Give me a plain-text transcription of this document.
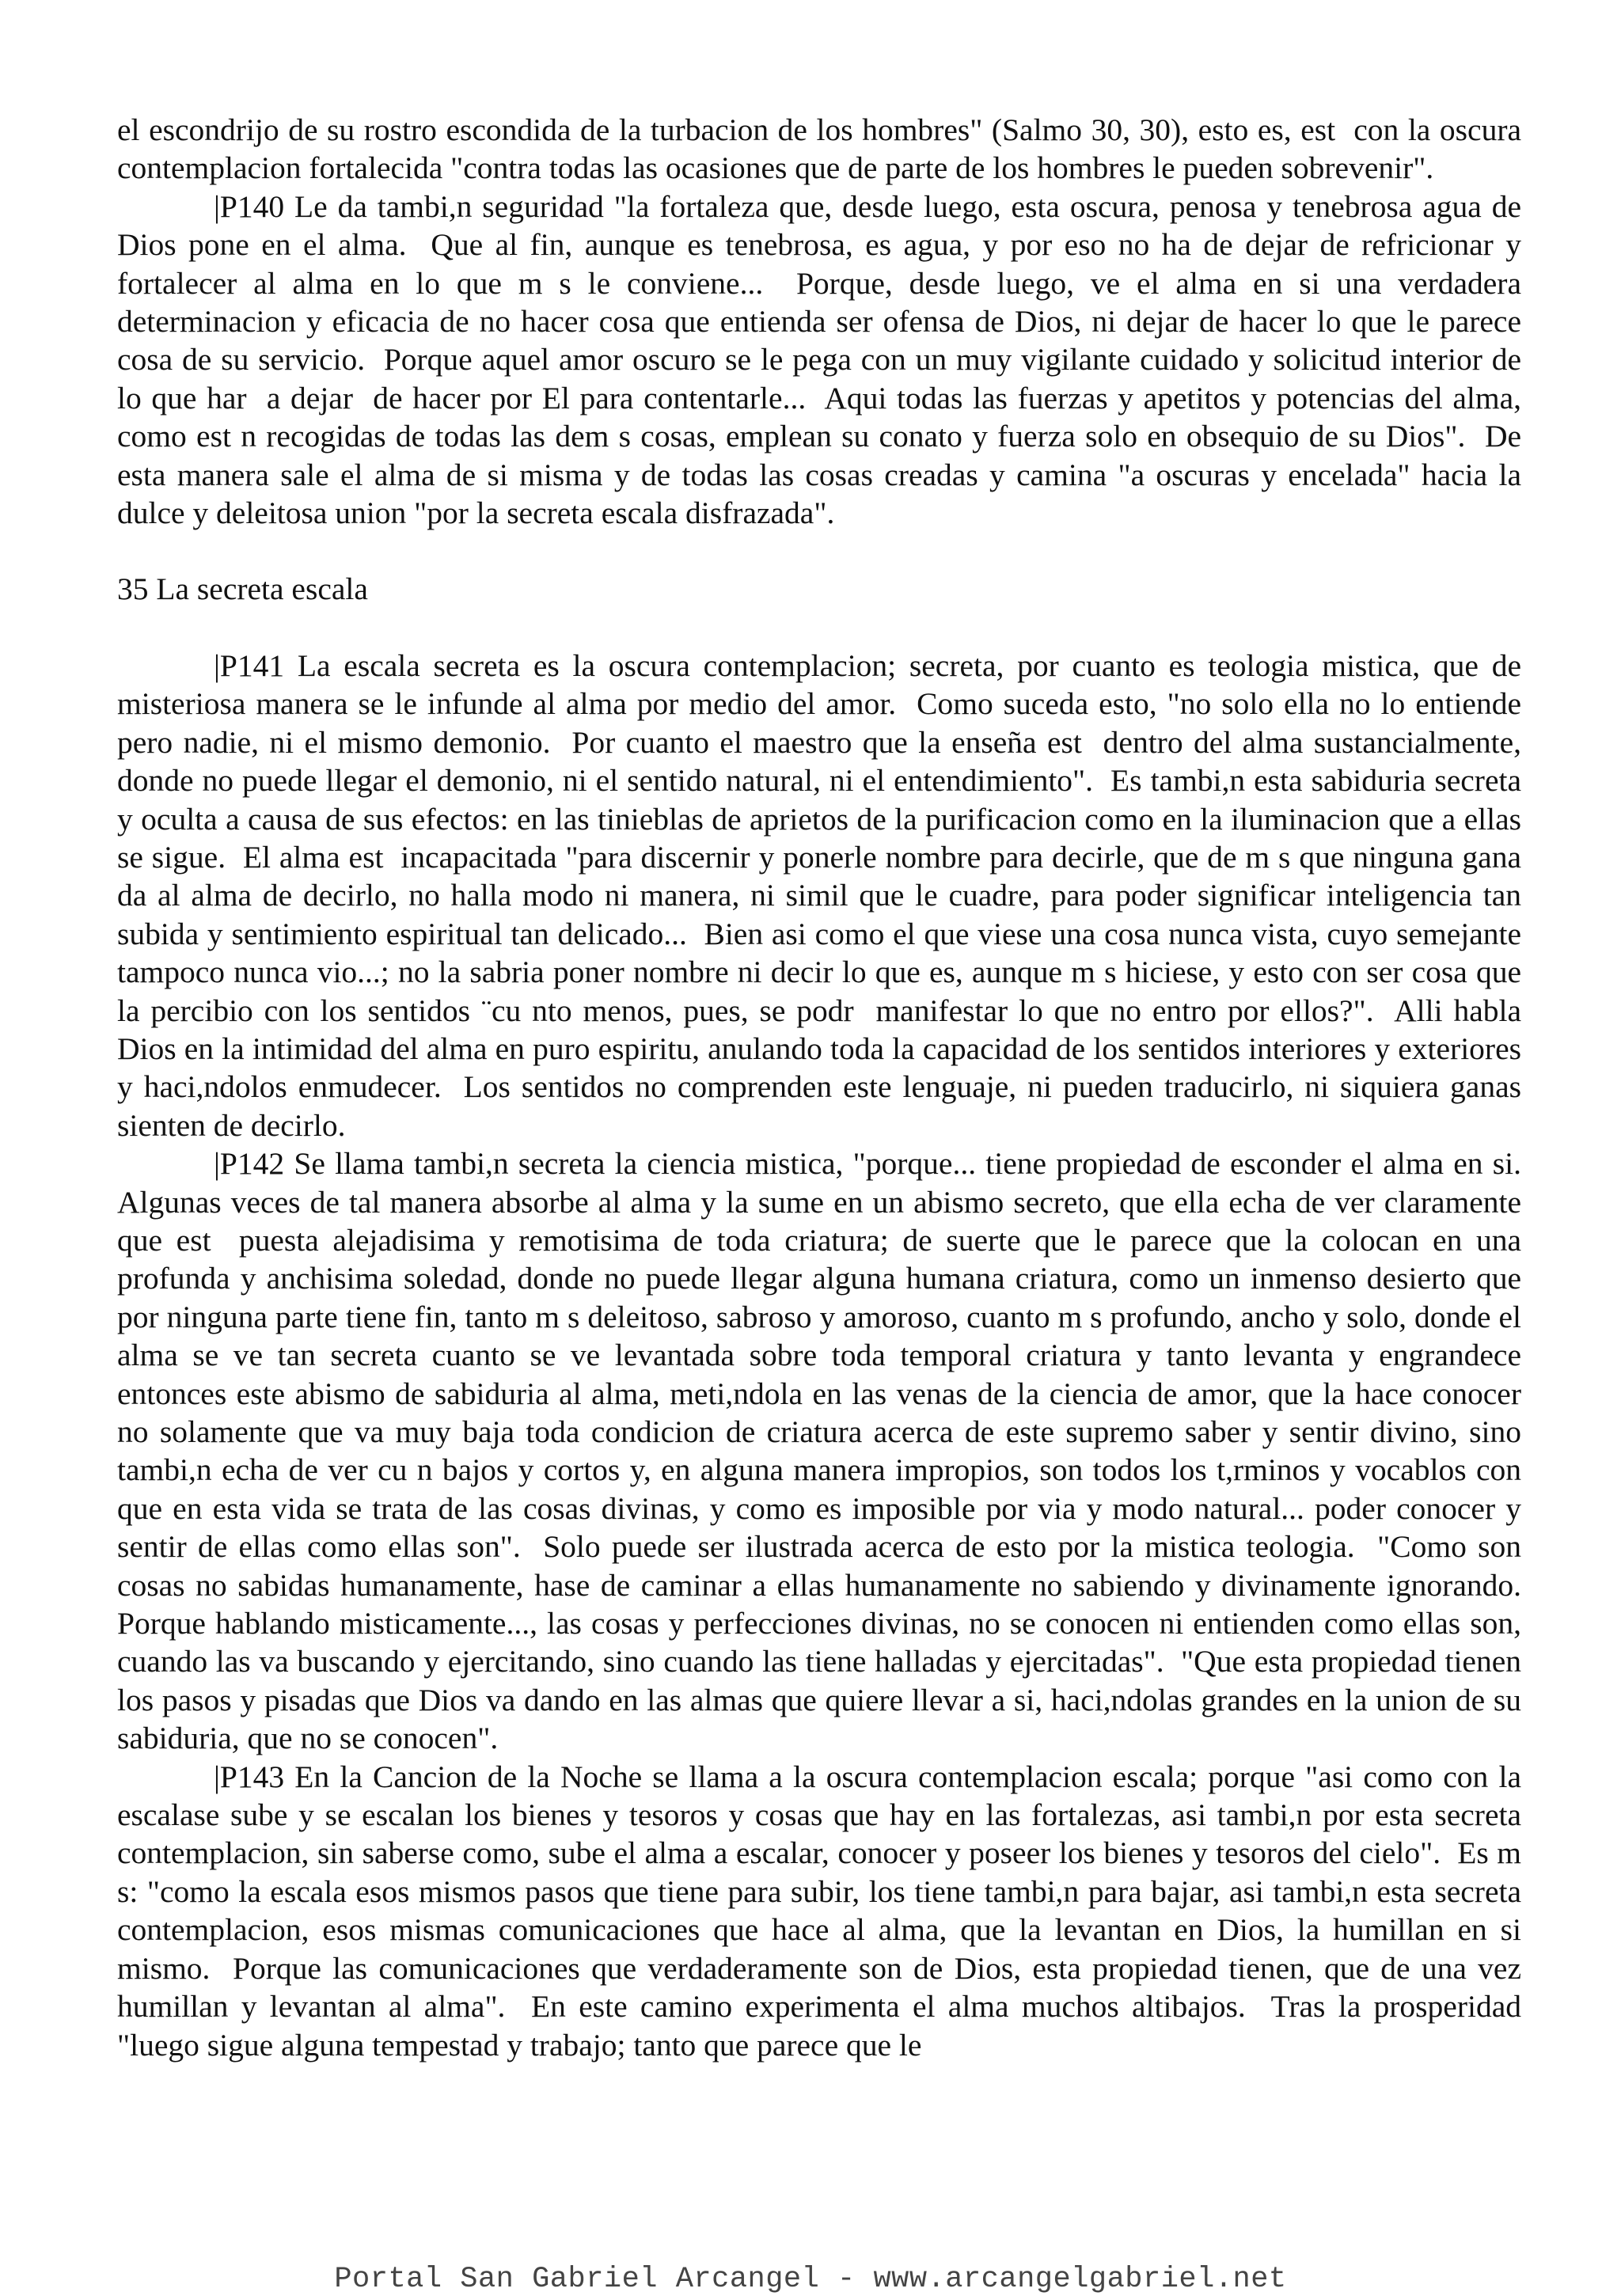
el escondrijo de su rostro escondida de la turbacion de los hombres" (Salmo 30, 30), esto es, est  con la oscura contemplacion fortalecida "contra todas las ocasiones que de parte de los hombres le pueden sobrevenir".

|P140 Le da tambi,n seguridad "la fortaleza que, desde luego, esta oscura, penosa y tenebrosa agua de Dios pone en el alma.  Que al fin, aunque es tenebrosa, es agua, y por eso no ha de dejar de refricionar y fortalecer al alma en lo que m s le conviene...  Porque, desde luego, ve el alma en si una verdadera determinacion y eficacia de no hacer cosa que entienda ser ofensa de Dios, ni dejar de hacer lo que le parece cosa de su servicio.  Porque aquel amor oscuro se le pega con un muy vigilante cuidado y solicitud interior de lo que har  a dejar  de hacer por El para contentarle...  Aqui todas las fuerzas y apetitos y potencias del alma, como est n recogidas de todas las dem s cosas, emplean su conato y fuerza solo en obsequio de su Dios".  De esta manera sale el alma de si misma y de todas las cosas creadas y camina "a oscuras y encelada" hacia la dulce y deleitosa union "por la secreta escala disfrazada".

35 La secreta escala

|P141 La escala secreta es la oscura contemplacion; secreta, por cuanto es teologia mistica, que de misteriosa manera se le infunde al alma por medio del amor.  Como suceda esto, "no solo ella no lo entiende pero nadie, ni el mismo demonio.  Por cuanto el maestro que la enseña est  dentro del alma sustancialmente, donde no puede llegar el demonio, ni el sentido natural, ni el entendimiento".  Es tambi,n esta sabiduria secreta y oculta a causa de sus efectos: en las tinieblas de aprietos de la purificacion como en la iluminacion que a ellas se sigue.  El alma est  incapacitada "para discernir y ponerle nombre para decirle, que de m s que ninguna gana da al alma de decirlo, no halla modo ni manera, ni simil que le cuadre, para poder significar inteligencia tan subida y sentimiento espiritual tan delicado...  Bien asi como el que viese una cosa nunca vista, cuyo semejante tampoco nunca vio...; no la sabria poner nombre ni decir lo que es, aunque m s hiciese, y esto con ser cosa que la percibio con los sentidos ¨cu nto menos, pues, se podr  manifestar lo que no entro por ellos?".  Alli habla Dios en la intimidad del alma en puro espiritu, anulando toda la capacidad de los sentidos interiores y exteriores y haci,ndolos enmudecer.  Los sentidos no comprenden este lenguaje, ni pueden traducirlo, ni siquiera ganas sienten de decirlo.

|P142 Se llama tambi,n secreta la ciencia mistica, "porque... tiene propiedad de esconder el alma en si.  Algunas veces de tal manera absorbe al alma y la sume en un abismo secreto, que ella echa de ver claramente que est  puesta alejadisima y remotisima de toda criatura; de suerte que le parece que la colocan en una profunda y anchisima soledad, donde no puede llegar alguna humana criatura, como un inmenso desierto que por ninguna parte tiene fin, tanto m s deleitoso, sabroso y amoroso, cuanto m s profundo, ancho y solo, donde el alma se ve tan secreta cuanto se ve levantada sobre toda temporal criatura y tanto levanta y engrandece entonces este abismo de sabiduria al alma, meti,ndola en las venas de la ciencia de amor, que la hace conocer no solamente que va muy baja toda condicion de criatura acerca de este supremo saber y sentir divino, sino tambi,n echa de ver cu n bajos y cortos y, en alguna manera impropios, son todos los t,rminos y vocablos con que en esta vida se trata de las cosas divinas, y como es imposible por via y modo natural... poder conocer y sentir de ellas como ellas son".  Solo puede ser ilustrada acerca de esto por la mistica teologia.  "Como son cosas no sabidas humanamente, hase de caminar a ellas humanamente no sabiendo y divinamente ignorando.  Porque hablando misticamente..., las cosas y perfecciones divinas, no se conocen ni entienden como ellas son, cuando las va buscando y ejercitando, sino cuando las tiene halladas y ejercitadas".  "Que esta propiedad tienen los pasos y pisadas que Dios va dando en las almas que quiere llevar a si, haci,ndolas grandes en la union de su sabiduria, que no se conocen".

|P143 En la Cancion de la Noche se llama a la oscura contemplacion escala; porque "asi como con la escalase sube y se escalan los bienes y tesoros y cosas que hay en las fortalezas, asi tambi,n por esta secreta contemplacion, sin saberse como, sube el alma a escalar, conocer y poseer los bienes y tesoros del cielo".  Es m s: "como la escala esos mismos pasos que tiene para subir, los tiene tambi,n para bajar, asi tambi,n esta secreta contemplacion, esos mismas comunicaciones que hace al alma, que la levantan en Dios, la humillan en si mismo.  Porque las comunicaciones que verdaderamente son de Dios, esta propiedad tienen, que de una vez humillan y levantan al alma".  En este camino experimenta el alma muchos altibajos.  Tras la prosperidad "luego sigue alguna tempestad y trabajo; tanto que parece que le

Portal San Gabriel Arcangel - www.arcangelgabriel.net
